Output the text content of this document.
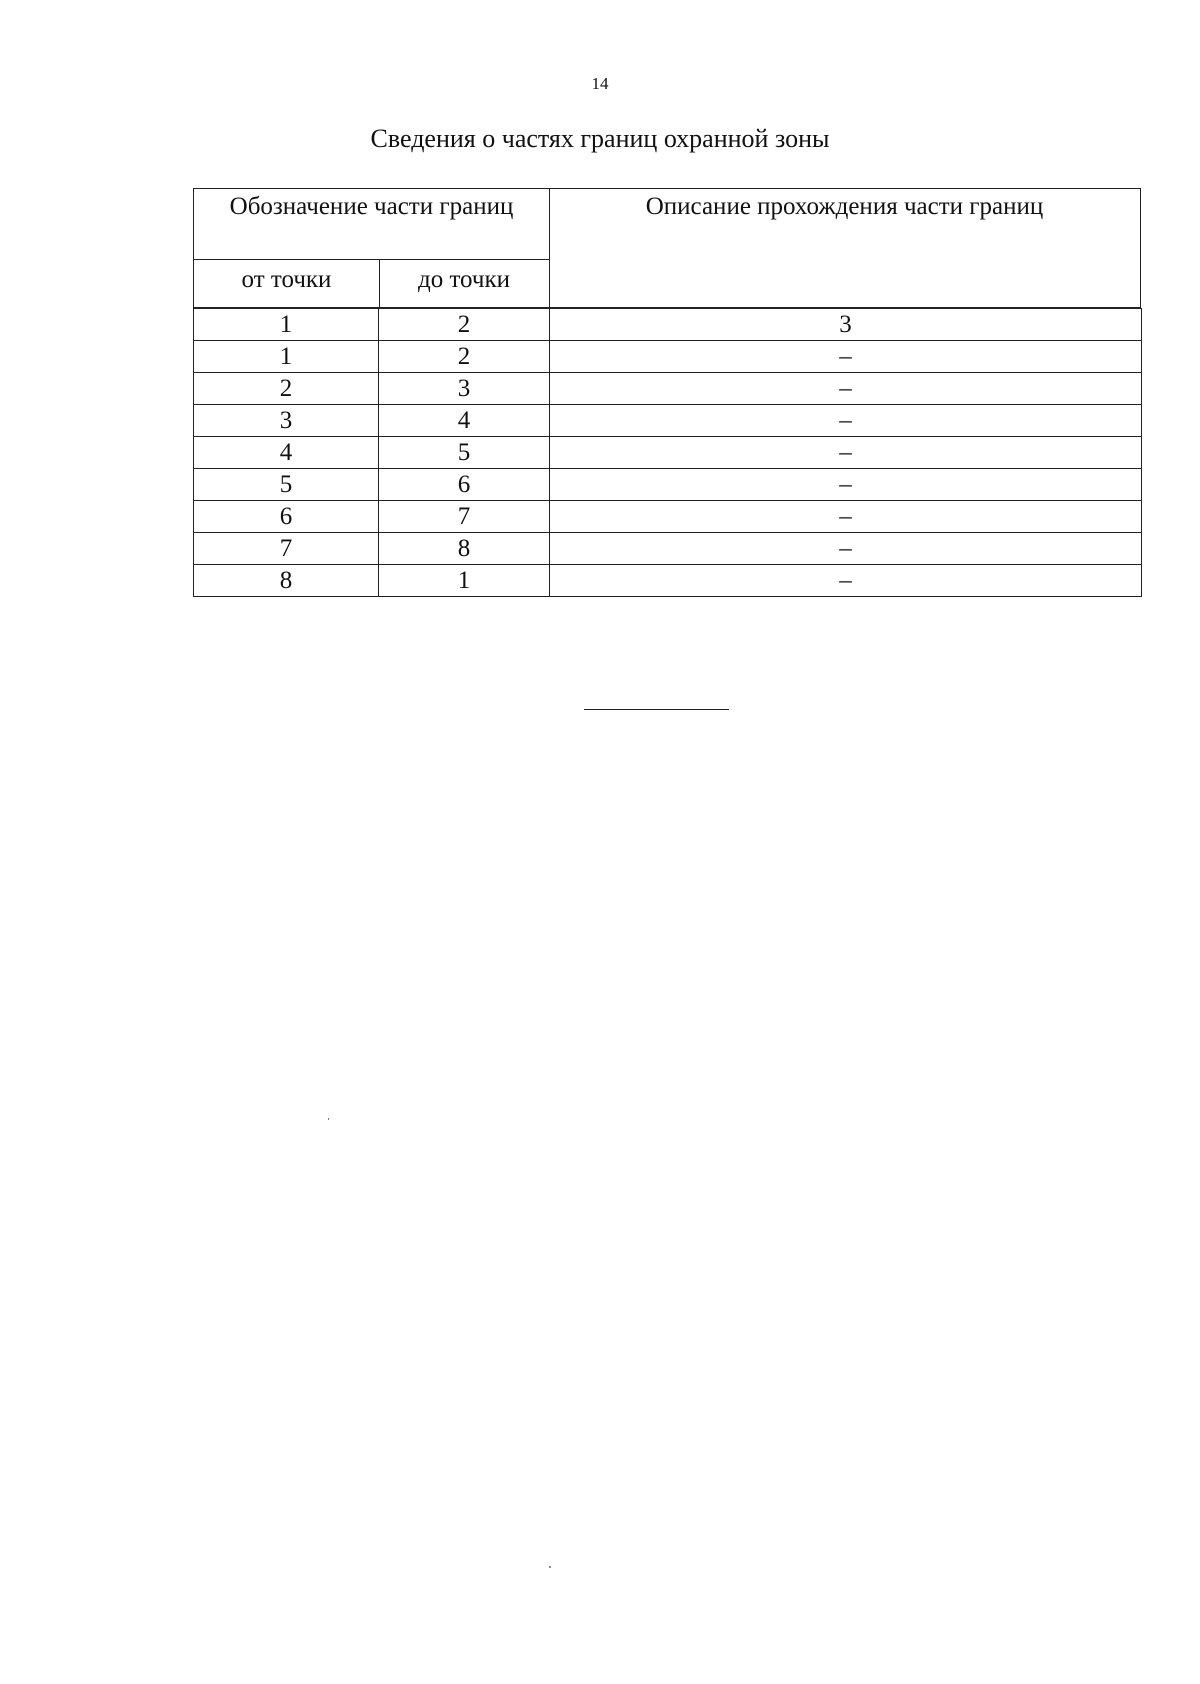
14
Сведения о частях границ охранной зоны
Обозначение части границ	Описание прохождения части границ
от точки	до точки
1	2	3
1	2	–
2	3	–
3	4	–
4	5	–
5	6	–
6	7	–
7	8	–
8	1	–
